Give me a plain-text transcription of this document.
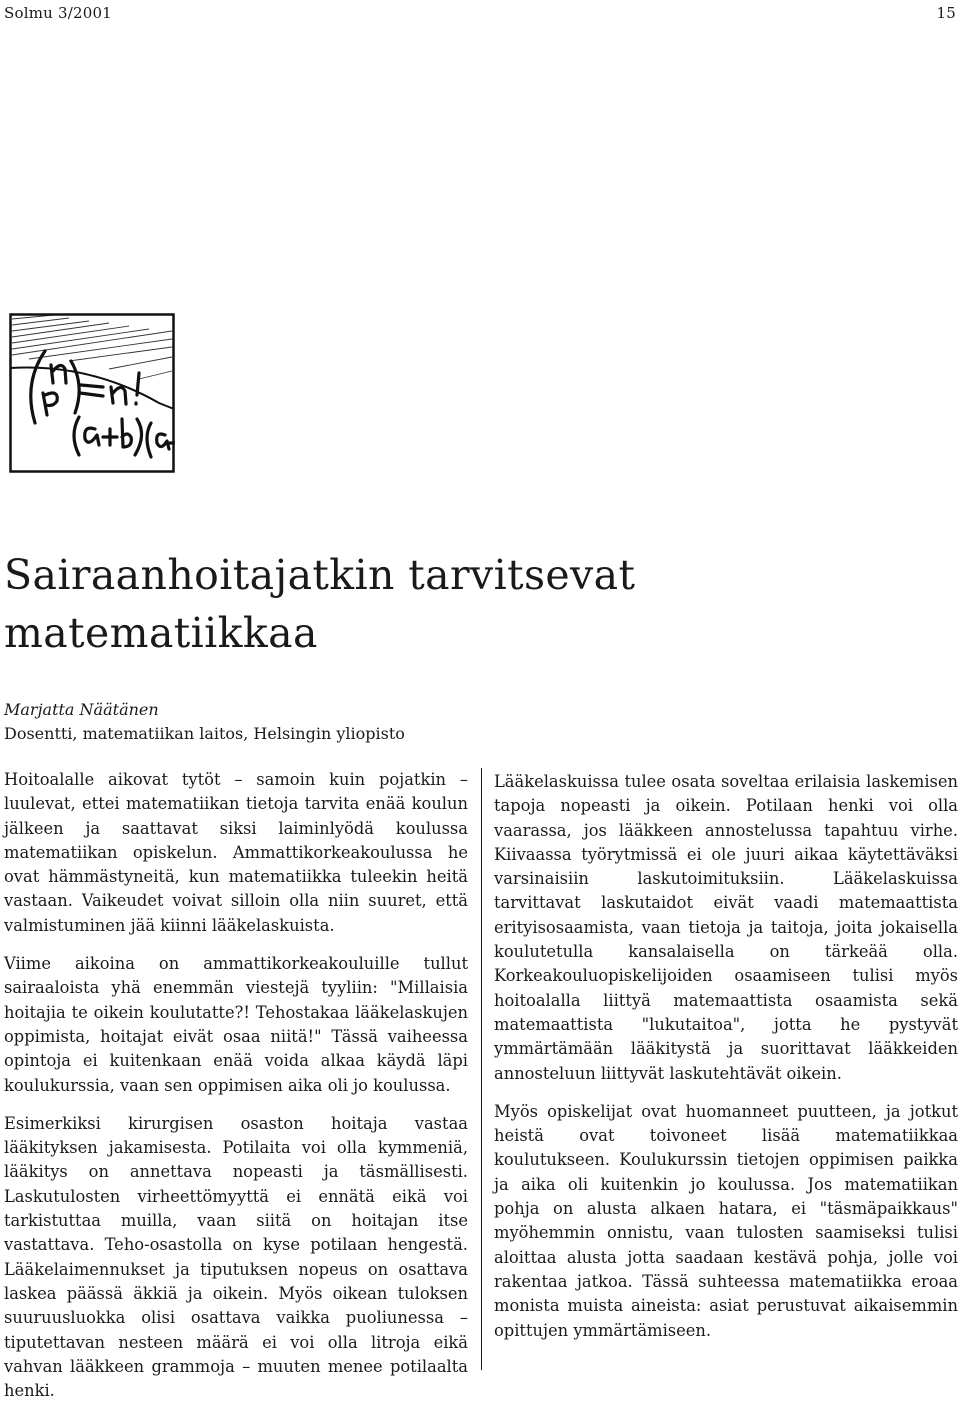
Solmu 3/2001	15
Sairaanhoitajatkin tarvitsevat matematiikkaa
Marjatta Näätänen
Dosentti, matematiikan laitos, Helsingin yliopisto

Hoitoalalle aikovat tytöt – samoin kuin pojatkin – luulevat, ettei matematiikan tietoja tarvita enää koulun jälkeen ja saattavat siksi laiminlyödä koulussa matematiikan opiskelun. Ammattikorkeakoulussa he ovat hämmästyneitä, kun matematiikka tuleekin heitä vastaan. Vaikeudet voivat silloin olla niin suuret, että valmistuminen jää kiinni lääkelaskuista.

Viime aikoina on ammattikorkeakouluille tullut sairaaloista yhä enemmän viestejä tyyliin: "Millaisia hoitajia te oikein koulutatte?! Tehostakaa lääkelaskujen oppimista, hoitajat eivät osaa niitä!" Tässä vaiheessa opintoja ei kuitenkaan enää voida alkaa käydä läpi koulukurssia, vaan sen oppimisen aika oli jo koulussa.

Esimerkiksi kirurgisen osaston hoitaja vastaa lääkityksen jakamisesta. Potilaita voi olla kymmeniä, lääkitys on annettava nopeasti ja täsmällisesti. Laskutulosten virheettömyyttä ei ennätä eikä voi tarkistuttaa muilla, vaan siitä on hoitajan itse vastattava. Teho-osastolla on kyse potilaan hengestä. Lääkelaimennukset ja tiputuksen nopeus on osattava laskea päässä äkkiä ja oikein. Myös oikean tuloksen suuruusluokka olisi osattava vaikka puoliunessa – tiputettavan nesteen määrä ei voi olla litroja eikä vahvan lääkkeen grammoja – muuten menee potilaalta henki.

Lääkelaskuissa tulee osata soveltaa erilaisia laskemisen tapoja nopeasti ja oikein. Potilaan henki voi olla vaarassa, jos lääkkeen annostelussa tapahtuu virhe. Kiivaassa työrytmissä ei ole juuri aikaa käytettäväksi varsinaisiin laskutoimituksiin. Lääkelaskuissa tarvittavat laskutaidot eivät vaadi matemaattista erityisosaamista, vaan tietoja ja taitoja, joita jokaisella koulutetulla kansalaisella on tärkeää olla. Korkeakouluopiskelijoiden osaamiseen tulisi myös hoitoalalla liittyä matemaattista osaamista sekä matemaattista "lukutaitoa", jotta he pystyvät ymmärtämään lääkitystä ja suorittavat lääkkeiden annosteluun liittyvät laskutehtävät oikein.

Myös opiskelijat ovat huomanneet puutteen, ja jotkut heistä ovat toivoneet lisää matematiikkaa koulutukseen. Koulukurssin tietojen oppimisen paikka ja aika oli kuitenkin jo koulussa. Jos matematiikan pohja on alusta alkaen hatara, ei "täsmäpaikkaus" myöhemmin onnistu, vaan tulosten saamiseksi tulisi aloittaa alusta jotta saadaan kestävä pohja, jolle voi rakentaa jatkoa. Tässä suhteessa matematiikka eroaa monista muista aineista: asiat perustuvat aikaisemmin opittujen ymmärtämiseen.
